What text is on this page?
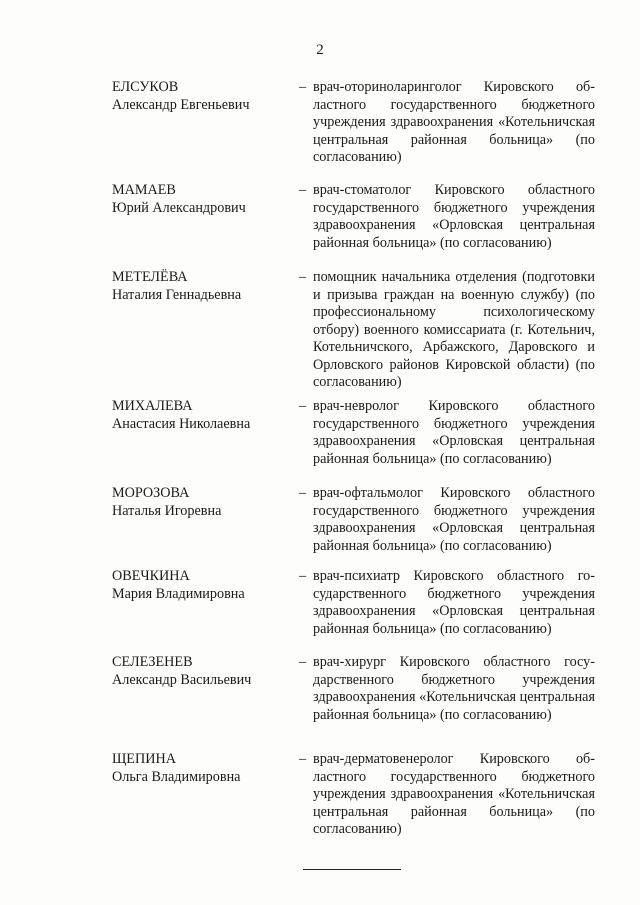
2
ЕЛСУКОВ
Александр Евгеньевич
– врач-оториноларинголог Кировского областного государственного бюджетного учреждения здравоохранения «Котельничская центральная районная больница» (по согласованию)
МАМАЕВ
Юрий Александрович
– врач-стоматолог Кировского областного государственного бюджетного учреждения здравоохранения «Орловская центральная районная больница» (по согласованию)
МЕТЕЛЁВА
Наталия Геннадьевна
– помощник начальника отделения (подготовки и призыва граждан на военную службу) (по профессиональному психологическому отбору) военного комиссариата (г. Котельнич, Котельничского, Арбажского, Даровского и Орловского районов Кировской области) (по согласованию)
МИХАЛЕВА
Анастасия Николаевна
– врач-невролог Кировского областного государственного бюджетного учреждения здравоохранения «Орловская центральная районная больница» (по согласованию)
МОРОЗОВА
Наталья Игоревна
– врач-офтальмолог Кировского областного государственного бюджетного учреждения здравоохранения «Орловская центральная районная больница» (по согласованию)
ОВЕЧКИНА
Мария Владимировна
– врач-психиатр Кировского областного государственного бюджетного учреждения здравоохранения «Орловская центральная районная больница» (по согласованию)
СЕЛЕЗЕНЕВ
Александр Васильевич
– врач-хирург Кировского областного государственного бюджетного учреждения здравоохранения «Котельничская центральная районная больница» (по согласованию)
ЩЕПИНА
Ольга Владимировна
– врач-дерматовенеролог Кировского областного государственного бюджетного учреждения здравоохранения «Котельничская центральная районная больница» (по согласованию)
